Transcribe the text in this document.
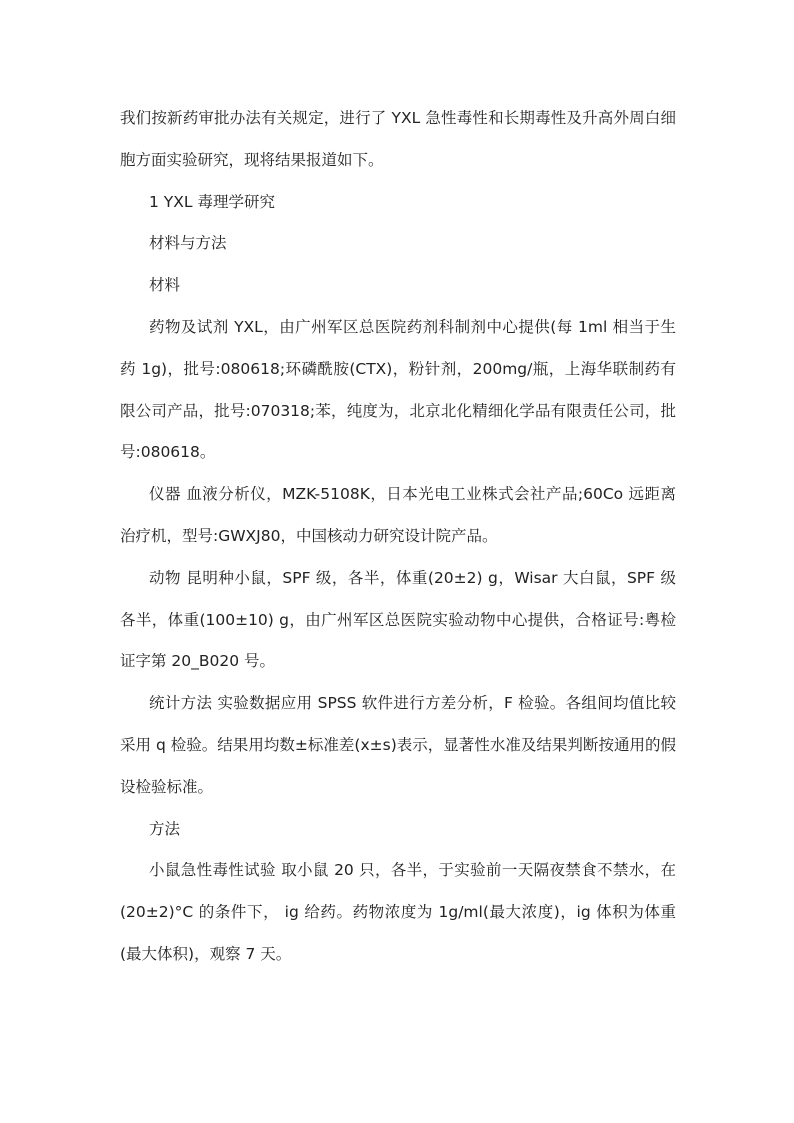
我们按新药审批办法有关规定，进行了 YXL 急性毒性和长期毒性及升高外周白细胞方面实验研究，现将结果报道如下。

1 YXL 毒理学研究

材料与方法

材料

药物及试剂 YXL，由广州军区总医院药剂科制剂中心提供(每 1ml 相当于生药 1g)，批号:080618;环磷酰胺(CTX)，粉针剂，200mg/瓶，上海华联制药有限公司产品，批号:070318;苯，纯度为，北京北化精细化学品有限责任公司，批号:080618。

仪器 血液分析仪，MZK-5108K，日本光电工业株式会社产品;60Co 远距离治疗机，型号:GWXJ80，中国核动力研究设计院产品。

动物 昆明种小鼠，SPF 级，各半，体重(20±2) g，Wisar 大白鼠，SPF 级各半，体重(100±10) g，由广州军区总医院实验动物中心提供，合格证号:粤检证字第 20_B020 号。

统计方法 实验数据应用 SPSS 软件进行方差分析，F 检验。各组间均值比较采用 q 检验。结果用均数±标准差(x±s)表示，显著性水准及结果判断按通用的假设检验标准。

方法

小鼠急性毒性试验 取小鼠 20 只，各半，于实验前一天隔夜禁食不禁水，在(20±2)°C 的条件下， ig 给药。药物浓度为 1g/ml(最大浓度)，ig 体积为体重(最大体积)，观察 7 天。
